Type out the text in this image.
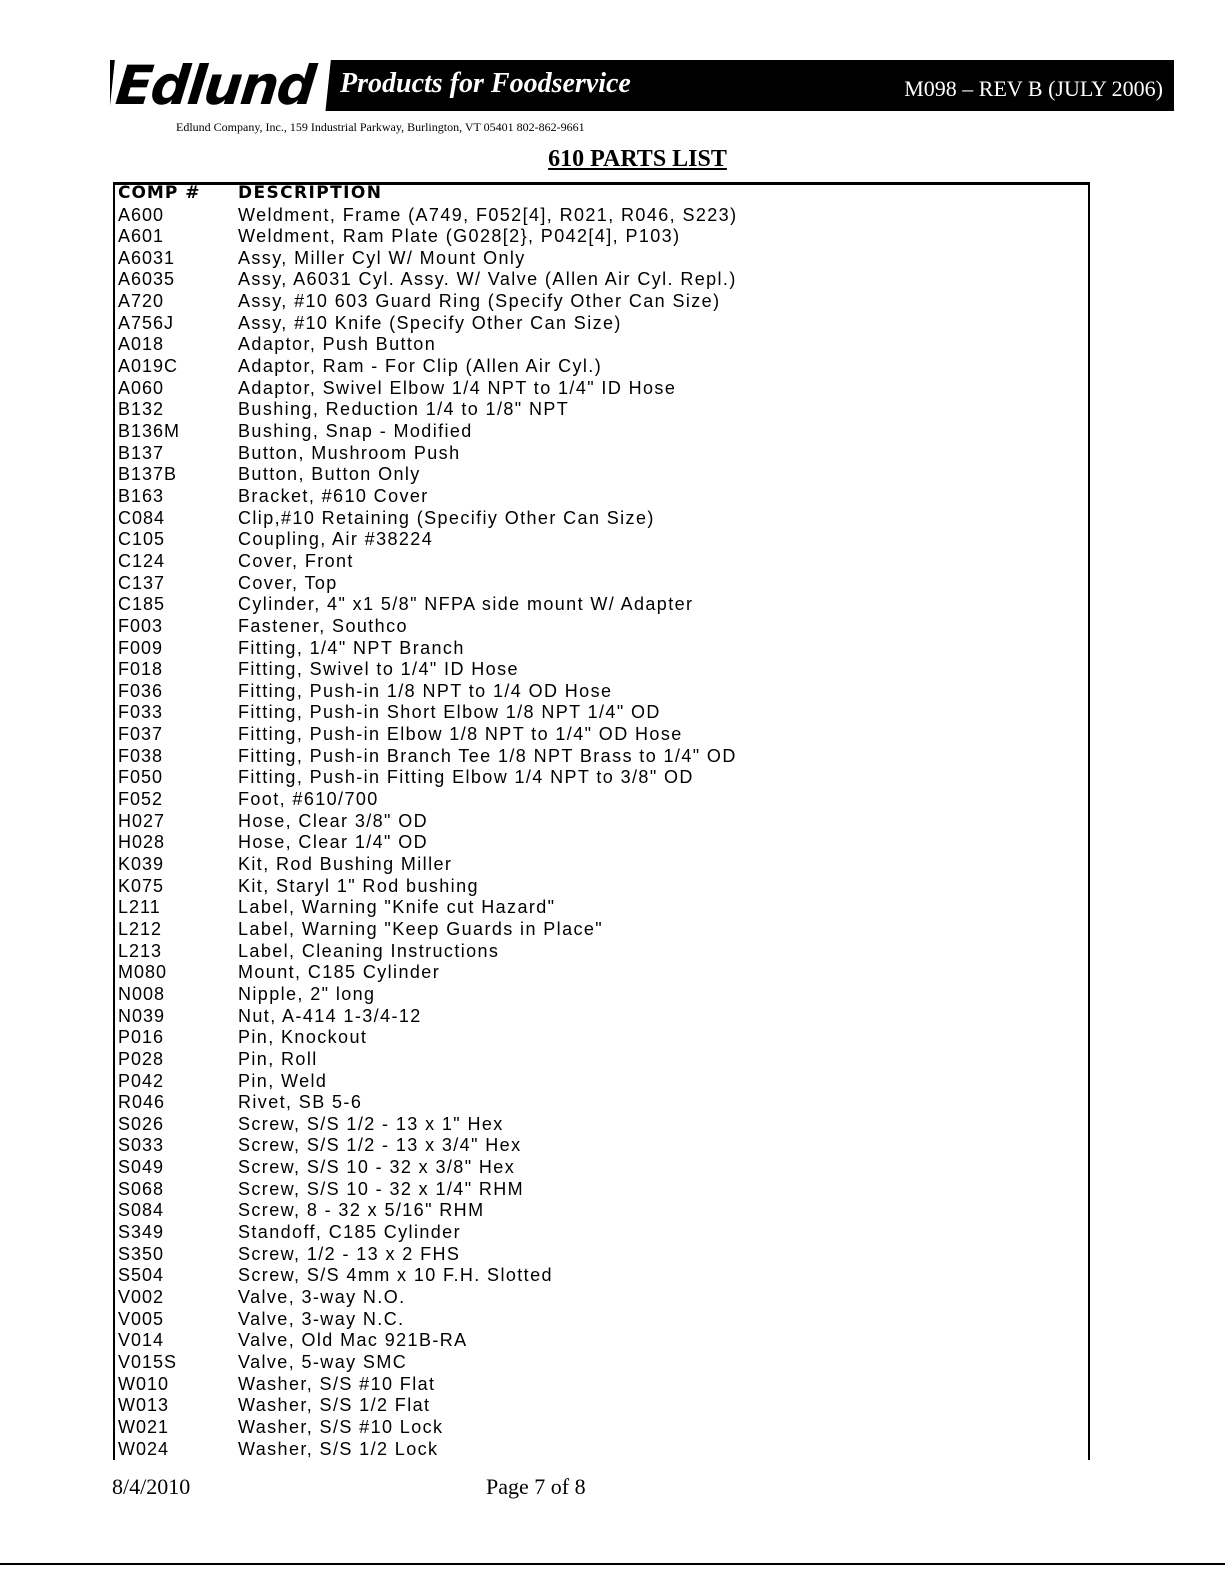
Edlund Products for Foodservice	M098 – REV B (JULY 2006)
Edlund Company, Inc., 159 Industrial Parkway, Burlington, VT 05401 802-862-9661
610 PARTS LIST
COMP # DESCRIPTION
A600	Weldment, Frame (A749, F052[4], R021, R046, S223)
A601	Weldment, Ram Plate (G028[2}, P042[4], P103)
A6031	Assy, Miller Cyl W/ Mount Only
A6035	Assy, A6031 Cyl. Assy. W/ Valve (Allen Air Cyl. Repl.)
A720	Assy, #10 603 Guard Ring (Specify Other Can Size)
A756J	Assy, #10 Knife (Specify Other Can Size)
A018	Adaptor, Push Button
A019C	Adaptor, Ram - For Clip (Allen Air Cyl.)
A060	Adaptor, Swivel Elbow 1/4 NPT to 1/4" ID Hose
B132	Bushing, Reduction 1/4 to 1/8" NPT
B136M	Bushing, Snap - Modified
B137	Button, Mushroom Push
B137B	Button, Button Only
B163	Bracket, #610 Cover
C084	Clip,#10 Retaining (Specifiy Other Can Size)
C105	Coupling, Air #38224
C124	Cover, Front
C137	Cover, Top
C185	Cylinder, 4" x1 5/8" NFPA side mount W/ Adapter
F003	Fastener, Southco
F009	Fitting, 1/4" NPT Branch
F018	Fitting, Swivel to 1/4" ID Hose
F036	Fitting, Push-in 1/8 NPT to 1/4 OD Hose
F033	Fitting, Push-in Short Elbow 1/8 NPT 1/4" OD
F037	Fitting, Push-in Elbow 1/8 NPT to 1/4" OD Hose
F038	Fitting, Push-in Branch Tee 1/8 NPT Brass to 1/4" OD
F050	Fitting, Push-in Fitting Elbow 1/4 NPT to 3/8" OD
F052	Foot, #610/700
H027	Hose, Clear 3/8" OD
H028	Hose, Clear 1/4" OD
K039	Kit, Rod Bushing Miller
K075	Kit, Staryl 1" Rod bushing
L211	Label, Warning "Knife cut Hazard"
L212	Label, Warning "Keep Guards in Place"
L213	Label, Cleaning Instructions
M080	Mount, C185 Cylinder
N008	Nipple, 2" long
N039	Nut, A-414 1-3/4-12
P016	Pin, Knockout
P028	Pin, Roll
P042	Pin, Weld
R046	Rivet, SB 5-6
S026	Screw, S/S 1/2 - 13 x 1" Hex
S033	Screw, S/S 1/2 - 13 x 3/4" Hex
S049	Screw, S/S 10 - 32 x 3/8" Hex
S068	Screw, S/S 10 - 32 x 1/4" RHM
S084	Screw, 8 - 32 x 5/16" RHM
S349	Standoff, C185 Cylinder
S350	Screw, 1/2 - 13 x 2 FHS
S504	Screw, S/S 4mm x 10 F.H. Slotted
V002	Valve, 3-way N.O.
V005	Valve, 3-way N.C.
V014	Valve, Old Mac 921B-RA
V015S	Valve, 5-way SMC
W010	Washer, S/S #10 Flat
W013	Washer, S/S 1/2 Flat
W021	Washer, S/S #10 Lock
W024	Washer, S/S 1/2 Lock
8/4/2010	Page 7 of 8
